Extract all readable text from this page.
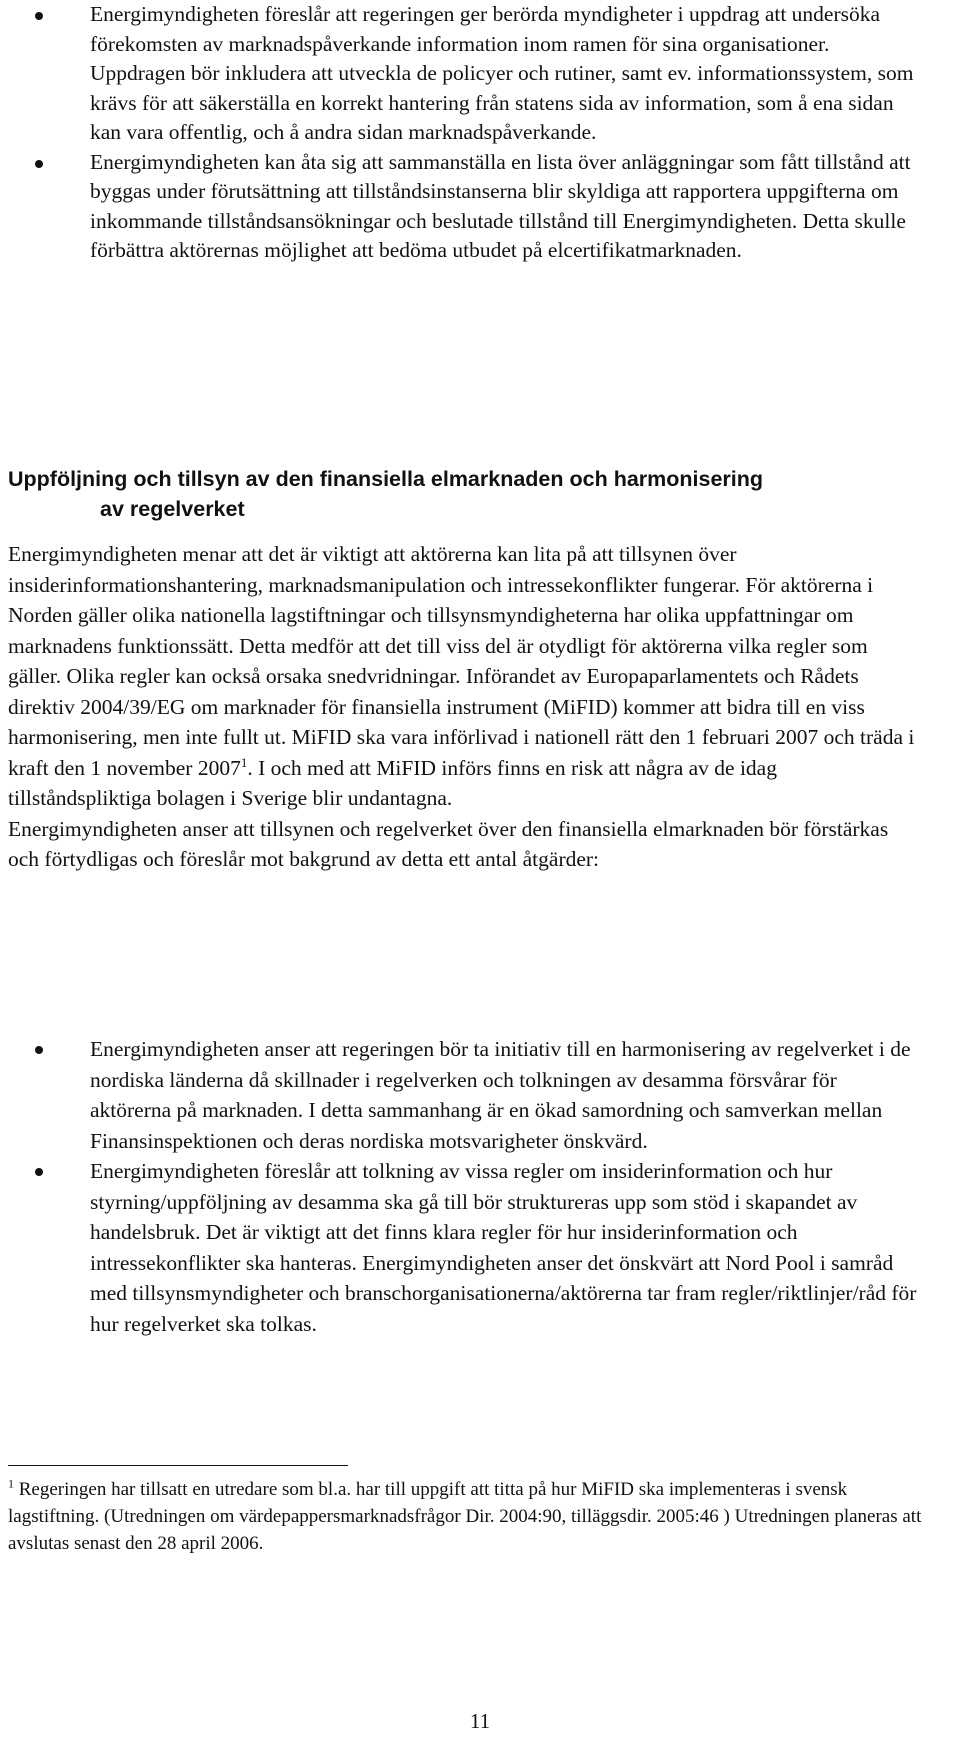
Energimyndigheten föreslår att regeringen ger berörda myndigheter i uppdrag att undersöka förekomsten av marknadspåverkande information inom ramen för sina organisationer. Uppdragen bör inkludera att utveckla de policyer och rutiner, samt ev. informationssystem, som krävs för att säkerställa en korrekt hantering från statens sida av information, som å ena sidan kan vara offentlig, och å andra sidan marknadspåverkande.
Energimyndigheten kan åta sig att sammanställa en lista över anläggningar som fått tillstånd att byggas under förutsättning att tillståndsinstanserna blir skyldiga att rapportera uppgifterna om inkommande tillståndsansökningar och beslutade tillstånd till Energimyndigheten. Detta skulle förbättra aktörernas möjlighet att bedöma utbudet på elcertifikatmarknaden.
Uppföljning och tillsyn av den finansiella elmarknaden och harmonisering
av regelverket

Energimyndigheten menar att det är viktigt att aktörerna kan lita på att tillsynen över insiderinformationshantering, marknadsmanipulation och intressekonflikter fungerar. För aktörerna i Norden gäller olika nationella lagstiftningar och tillsynsmyndigheterna har olika uppfattningar om marknadens funktionssätt. Detta medför att det till viss del är otydligt för aktörerna vilka regler som gäller. Olika regler kan också orsaka snedvridningar. Införandet av Europaparlamentets och Rådets direktiv 2004/39/EG om marknader för finansiella instrument (MiFID) kommer att bidra till en viss harmonisering, men inte fullt ut. MiFID ska vara införlivad i nationell rätt den 1 februari 2007 och träda i kraft den 1 november 2007$^1$. I och med att MiFID införs finns en risk att några av de idag tillståndspliktiga bolagen i Sverige blir undantagna.

Energimyndigheten anser att tillsynen och regelverket över den finansiella elmarknaden bör förstärkas och förtydligas och föreslår mot bakgrund av detta ett antal åtgärder:

Energimyndigheten anser att regeringen bör ta initiativ till en harmonisering av regelverket i de nordiska länderna då skillnader i regelverken och tolkningen av desamma försvårar för aktörerna på marknaden. I detta sammanhang är en ökad samordning och samverkan mellan Finansinspektionen och deras nordiska motsvarigheter önskvärd.
Energimyndigheten föreslår att tolkning av vissa regler om insiderinformation och hur styrning/uppföljning av desamma ska gå till bör struktureras upp som stöd i skapandet av handelsbruk. Det är viktigt att det finns klara regler för hur insiderinformation och intressekonflikter ska hanteras. Energimyndigheten anser det önskvärt att Nord Pool i samråd med tillsynsmyndigheter och branschorganisationerna/aktörerna tar fram regler/riktlinjer/råd för hur regelverket ska tolkas.
$^1$ Regeringen har tillsatt en utredare som bl.a. har till uppgift att titta på hur MiFID ska implementeras i svensk lagstiftning. (Utredningen om värdepappersmarknadsfrågor Dir. 2004:90, tilläggsdir. 2005:46 ) Utredningen planeras att avslutas senast den 28 april 2006.
11
